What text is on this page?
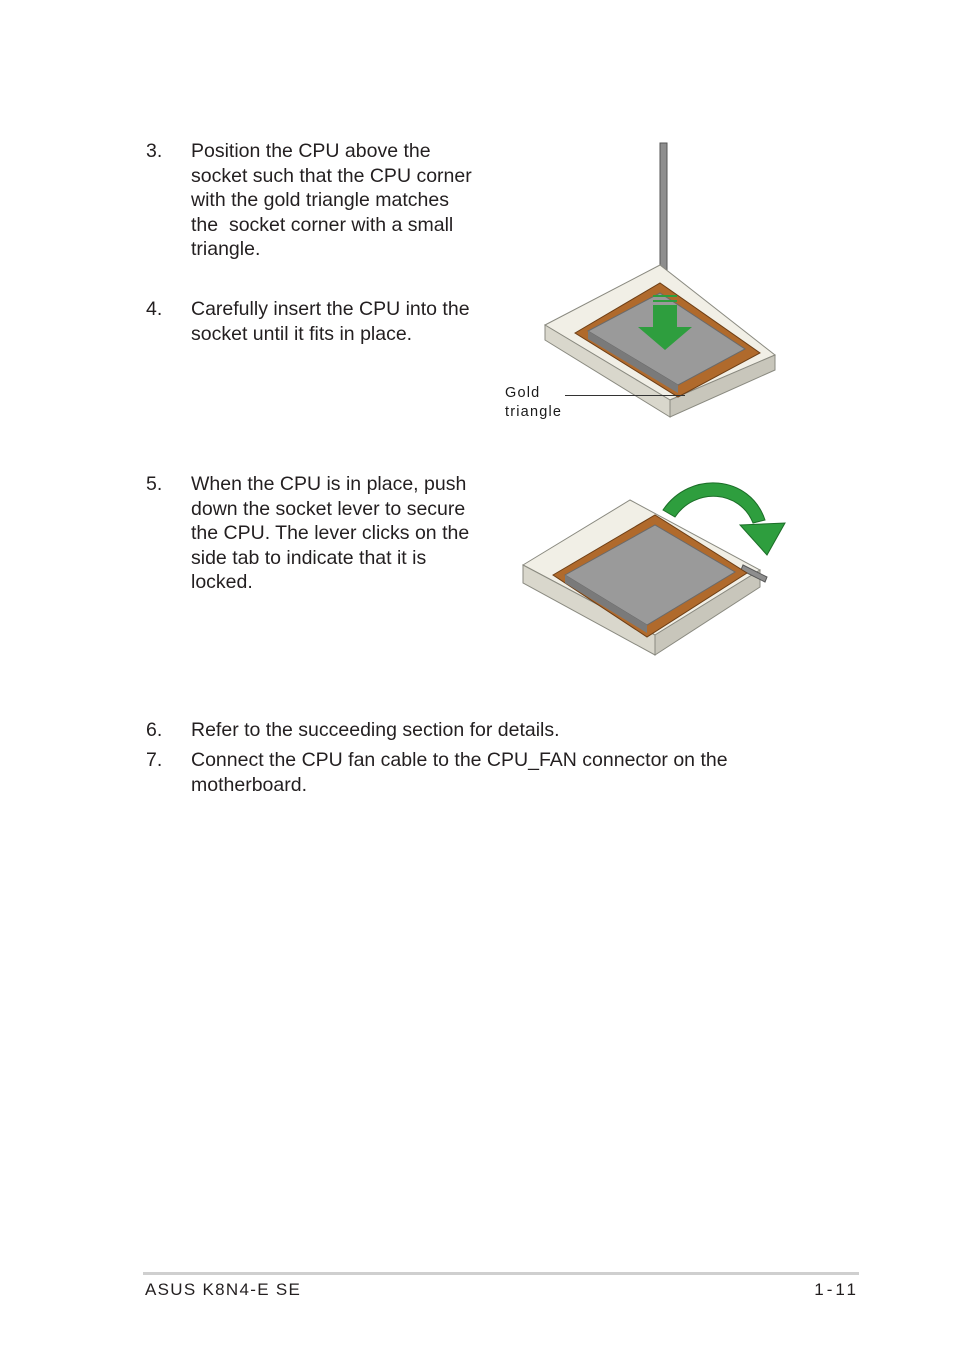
3. Position the CPU above the
socket such that the CPU corner
with the gold triangle matches
the  socket corner with a small
triangle.
4. Carefully insert the CPU into the
socket until it fits in place.
5. When the CPU is in place, push
down the socket lever to secure
the CPU. The lever clicks on the
side tab to indicate that it is
locked.
6. Refer to the succeeding section for details.
7. Connect the CPU fan cable to the CPU_FAN connector on the
motherboard.
Gold
triangle
ASUS K8N4-E SE	1-11
